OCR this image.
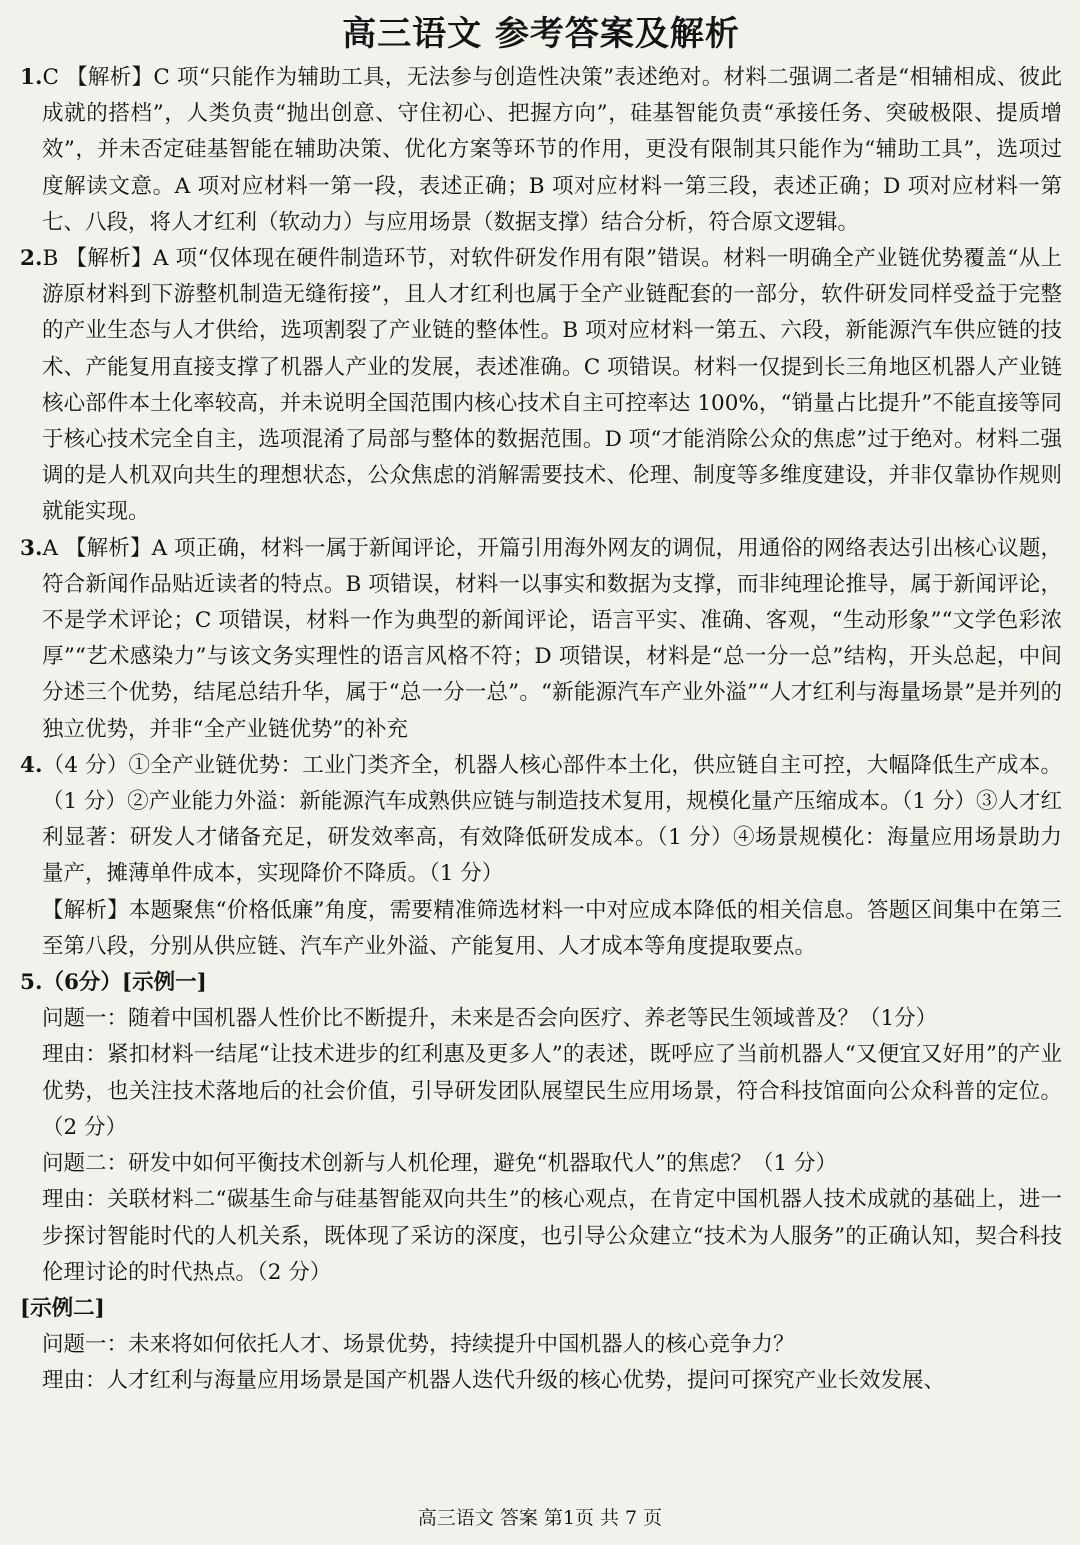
高三语文 参考答案及解析

1.C 【解析】C 项“只能作为辅助工具，无法参与创造性决策”表述绝对。材料二强调二者是“相辅相成、彼此成就的搭档”，人类负责“抛出创意、守住初心、把握方向”，硅基智能负责“承接任务、突破极限、提质增效”，并未否定硅基智能在辅助决策、优化方案等环节的作用，更没有限制其只能作为“辅助工具”，选项过度解读文意。A 项对应材料一第一段，表述正确；B 项对应材料一第三段，表述正确；D 项对应材料一第七、八段，将人才红利（软动力）与应用场景（数据支撑）结合分析，符合原文逻辑。

2.B 【解析】A 项“仅体现在硬件制造环节，对软件研发作用有限”错误。材料一明确全产业链优势覆盖“从上游原材料到下游整机制造无缝衔接”，且人才红利也属于全产业链配套的一部分，软件研发同样受益于完整的产业生态与人才供给，选项割裂了产业链的整体性。B 项对应材料一第五、六段，新能源汽车供应链的技术、产能复用直接支撑了机器人产业的发展，表述准确。C 项错误。材料一仅提到长三角地区机器人产业链核心部件本土化率较高，并未说明全国范围内核心技术自主可控率达 100%，“销量占比提升”不能直接等同于核心技术完全自主，选项混淆了局部与整体的数据范围。D 项“才能消除公众的焦虑”过于绝对。材料二强调的是人机双向共生的理想状态，公众焦虑的消解需要技术、伦理、制度等多维度建设，并非仅靠协作规则就能实现。

3.A 【解析】A 项正确，材料一属于新闻评论，开篇引用海外网友的调侃，用通俗的网络表达引出核心议题，符合新闻作品贴近读者的特点。B 项错误，材料一以事实和数据为支撑，而非纯理论推导，属于新闻评论，不是学术评论；C 项错误，材料一作为典型的新闻评论，语言平实、准确、客观，“生动形象”“文学色彩浓厚”“艺术感染力”与该文务实理性的语言风格不符；D 项错误，材料是“总一分一总”结构，开头总起，中间分述三个优势，结尾总结升华，属于“总一分一总”。“新能源汽车产业外溢”“人才红利与海量场景”是并列的独立优势，并非“全产业链优势”的补充

4.（4 分）①全产业链优势：工业门类齐全，机器人核心部件本土化，供应链自主可控，大幅降低生产成本。（1 分）②产业能力外溢：新能源汽车成熟供应链与制造技术复用，规模化量产压缩成本。（1 分）③人才红利显著：研发人才储备充足，研发效率高，有效降低研发成本。（1 分）④场景规模化：海量应用场景助力量产，摊薄单件成本，实现降价不降质。（1 分）

【解析】本题聚焦“价格低廉”角度，需要精准筛选材料一中对应成本降低的相关信息。答题区间集中在第三至第八段，分别从供应链、汽车产业外溢、产能复用、人才成本等角度提取要点。

5.（6分）[示例一]

问题一：随着中国机器人性价比不断提升，未来是否会向医疗、养老等民生领域普及？（1分）

理由：紧扣材料一结尾“让技术进步的红利惠及更多人”的表述，既呼应了当前机器人“又便宜又好用”的产业优势，也关注技术落地后的社会价值，引导研发团队展望民生应用场景，符合科技馆面向公众科普的定位。（2 分）

问题二：研发中如何平衡技术创新与人机伦理，避免“机器取代人”的焦虑？（1 分）

理由：关联材料二“碳基生命与硅基智能双向共生”的核心观点，在肯定中国机器人技术成就的基础上，进一步探讨智能时代的人机关系，既体现了采访的深度，也引导公众建立“技术为人服务”的正确认知，契合科技伦理讨论的时代热点。（2 分）

[示例二]

问题一：未来将如何依托人才、场景优势，持续提升中国机器人的核心竞争力？

理由：人才红利与海量应用场景是国产机器人迭代升级的核心优势，提问可探究产业长效发展、

高三语文 答案 第1页 共 7 页
